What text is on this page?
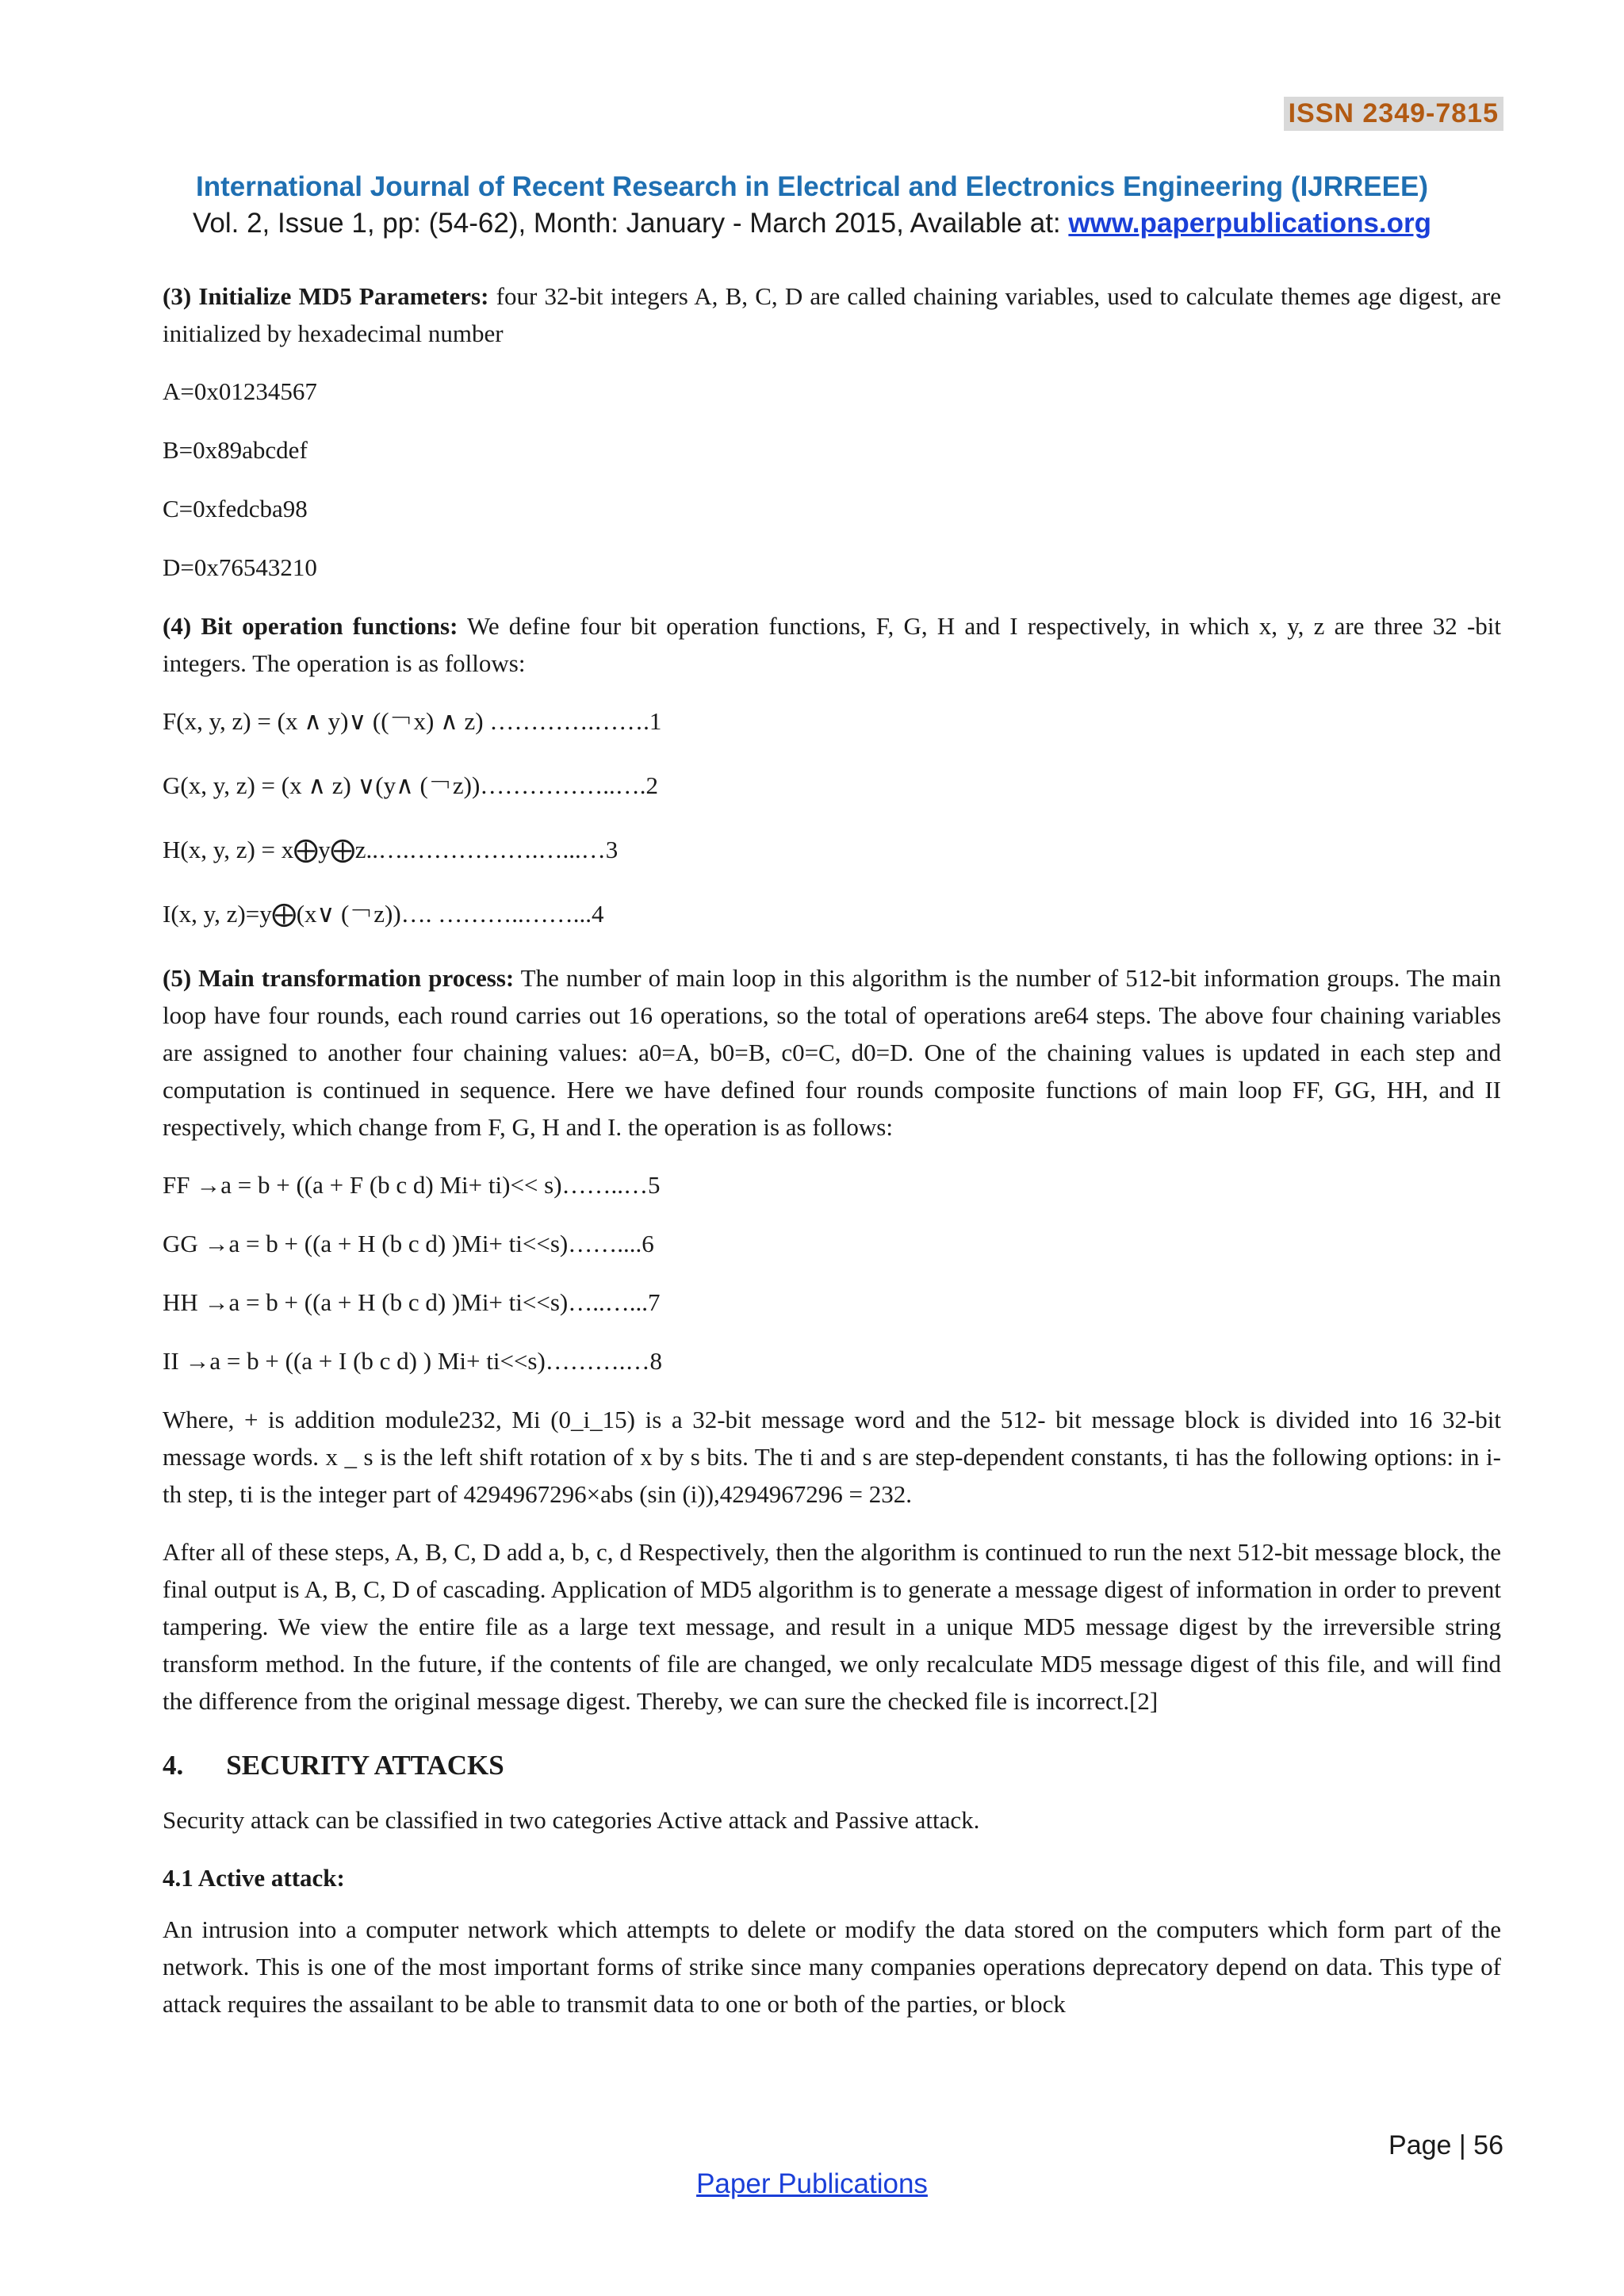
ISSN 2349-7815
International Journal of Recent Research in Electrical and Electronics Engineering (IJRREEE)
Vol. 2, Issue 1, pp: (54-62), Month: January - March 2015, Available at: www.paperpublications.org

(3) Initialize MD5 Parameters: four 32-bit integers A, B, C, D are called chaining variables, used to calculate themes age digest, are initialized by hexadecimal number

A=0x01234567

B=0x89abcdef

C=0xfedcba98

D=0x76543210

(4) Bit operation functions: We define four bit operation functions, F, G, H and I respectively, in which x, y, z are three 32 -bit integers. The operation is as follows:

F(x, y, z) = (x ∧ y)∨ ((￢x) ∧ z) ………….…….1

G(x, y, z) = (x ∧ z) ∨(y∧ (￢z))……………..….2

H(x, y, z) = x⨁y⨁z..….…………….…...…3

I(x, y, z)=y⨁(x∨ (￢z))…. ………..……...4

(5) Main transformation process: The number of main loop in this algorithm is the number of 512-bit information groups. The main loop have four rounds, each round carries out 16 operations, so the total of operations are64 steps. The above four chaining variables are assigned to another four chaining values: a0=A, b0=B, c0=C, d0=D. One of the chaining values is updated in each step and computation is continued in sequence. Here we have defined four rounds composite functions of main loop FF, GG, HH, and II respectively, which change from F, G, H and I. the operation is as follows:

FF →a = b + ((a + F (b c d) Mi+ ti)<< s)……..…5

GG →a = b + ((a + H (b c d) )Mi+ ti<<s)……....6

HH →a = b + ((a + H (b c d) )Mi+ ti<<s)…..…...7

II →a = b + ((a + I (b c d) ) Mi+ ti<<s)……….…8

Where, + is addition module232, Mi (0_i_15) is a 32-bit message word and the 512- bit message block is divided into 16 32-bit message words. x _ s is the left shift rotation of x by s bits. The ti and s are step-dependent constants, ti has the following options: in i-th step, ti is the integer part of 4294967296×abs (sin (i)),4294967296 = 232.

After all of these steps, A, B, C, D add a, b, c, d Respectively, then the algorithm is continued to run the next 512-bit message block, the final output is A, B, C, D of cascading. Application of MD5 algorithm is to generate a message digest of information in order to prevent tampering. We view the entire file as a large text message, and result in a unique MD5 message digest by the irreversible string transform method. In the future, if the contents of file are changed, we only recalculate MD5 message digest of this file, and will find the difference from the original message digest. Thereby, we can sure the checked file is incorrect.[2]

4. SECURITY ATTACKS

Security attack can be classified in two categories Active attack and Passive attack.

4.1 Active attack:

An intrusion into a computer network which attempts to delete or modify the data stored on the computers which form part of the network. This is one of the most important forms of strike since many companies operations deprecatory depend on data. This type of attack requires the assailant to be able to transmit data to one or both of the parties, or block

Page | 56
Paper Publications
